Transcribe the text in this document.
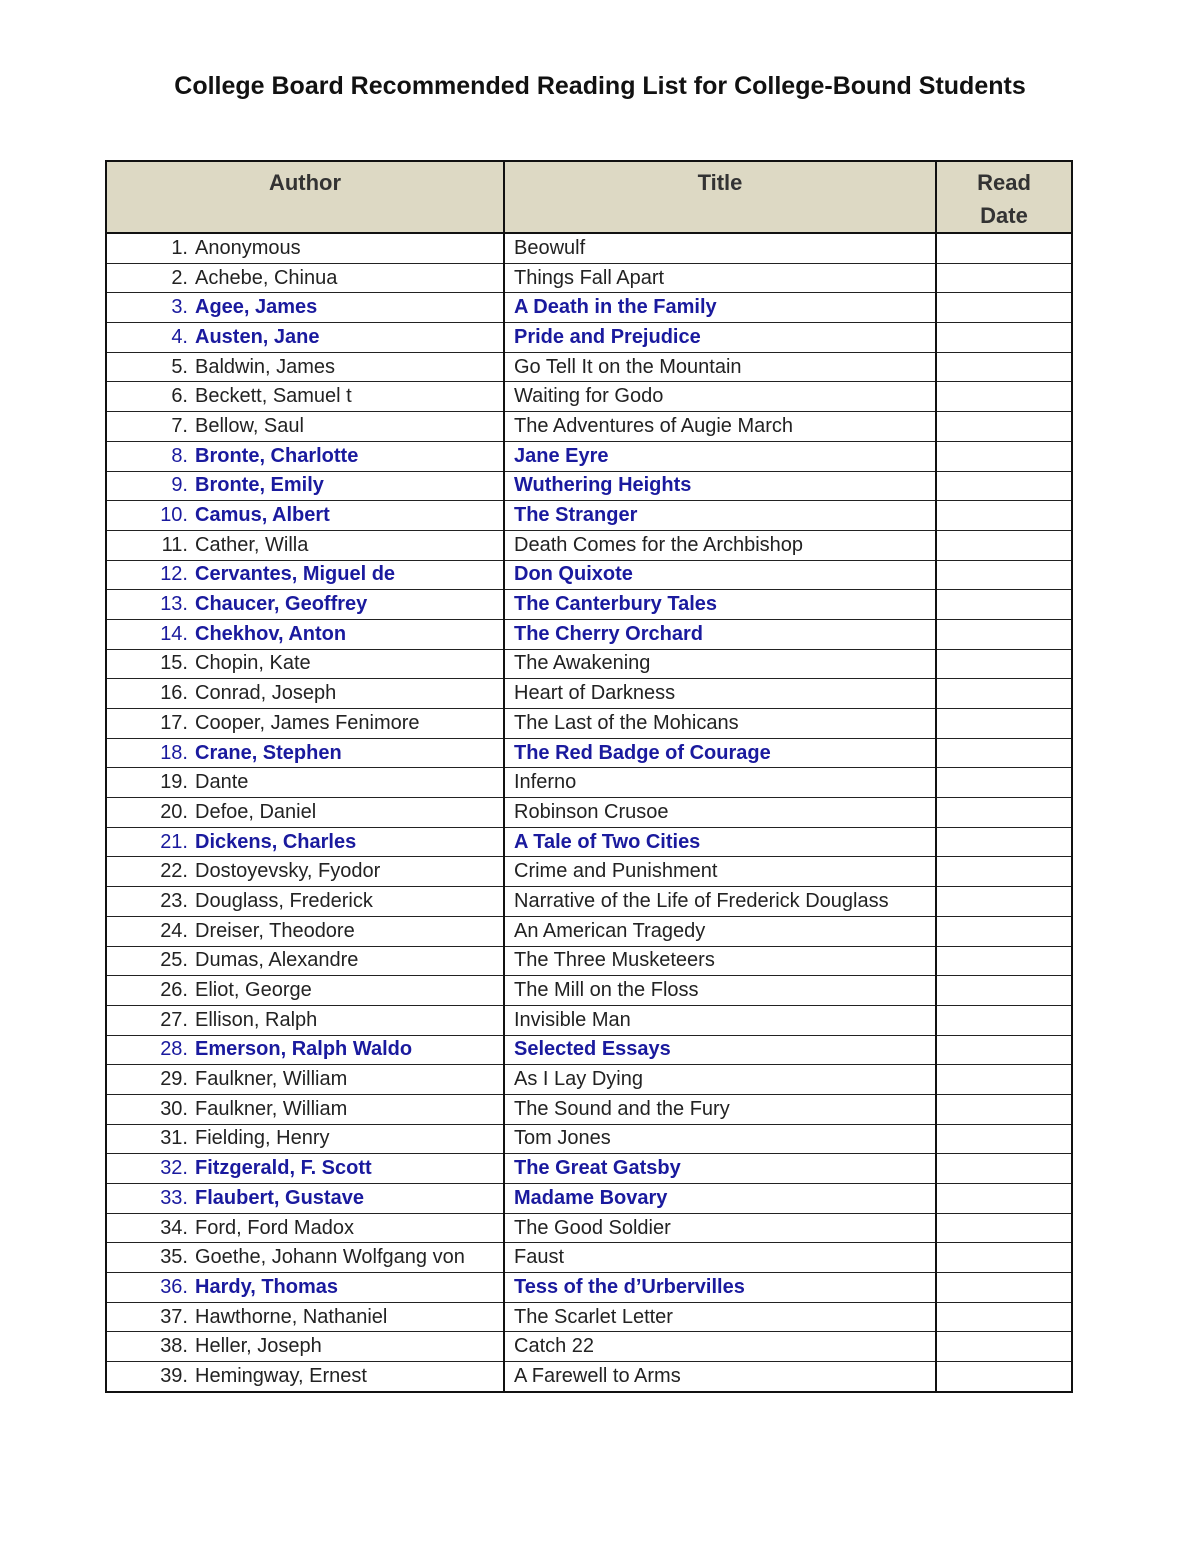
College Board Recommended Reading List for College-Bound Students
Author	Title	Read
Date
1. Anonymous	Beowulf	
2. Achebe, Chinua	Things Fall Apart	
3. Agee, James	A Death in the Family	
4. Austen, Jane	Pride and Prejudice	
5. Baldwin, James	Go Tell It on the Mountain	
6. Beckett, Samuel t	Waiting for Godo	
7. Bellow, Saul	The Adventures of Augie March	
8. Bronte, Charlotte	Jane Eyre	
9. Bronte, Emily	Wuthering Heights	
10. Camus, Albert	The Stranger	
11. Cather, Willa	Death Comes for the Archbishop	
12. Cervantes, Miguel de	Don Quixote	
13. Chaucer, Geoffrey	The Canterbury Tales	
14. Chekhov, Anton	The Cherry Orchard	
15. Chopin, Kate	The Awakening	
16. Conrad, Joseph	Heart of Darkness	
17. Cooper, James Fenimore	The Last of the Mohicans	
18. Crane, Stephen	The Red Badge of Courage	
19. Dante	Inferno	
20. Defoe, Daniel	Robinson Crusoe	
21. Dickens, Charles	A Tale of Two Cities	
22. Dostoyevsky, Fyodor	Crime and Punishment	
23. Douglass, Frederick	Narrative of the Life of Frederick Douglass	
24. Dreiser, Theodore	An American Tragedy	
25. Dumas, Alexandre	The Three Musketeers	
26. Eliot, George	The Mill on the Floss	
27. Ellison, Ralph	Invisible Man	
28. Emerson, Ralph Waldo	Selected Essays	
29. Faulkner, William	As I Lay Dying	
30. Faulkner, William	The Sound and the Fury	
31. Fielding, Henry	Tom Jones	
32. Fitzgerald, F. Scott	The Great Gatsby	
33. Flaubert, Gustave	Madame Bovary	
34. Ford, Ford Madox	The Good Soldier	
35. Goethe, Johann Wolfgang von	Faust	
36. Hardy, Thomas	Tess of the d’Urbervilles	
37. Hawthorne, Nathaniel	The Scarlet Letter	
38. Heller, Joseph	Catch 22	
39. Hemingway, Ernest	A Farewell to Arms	
